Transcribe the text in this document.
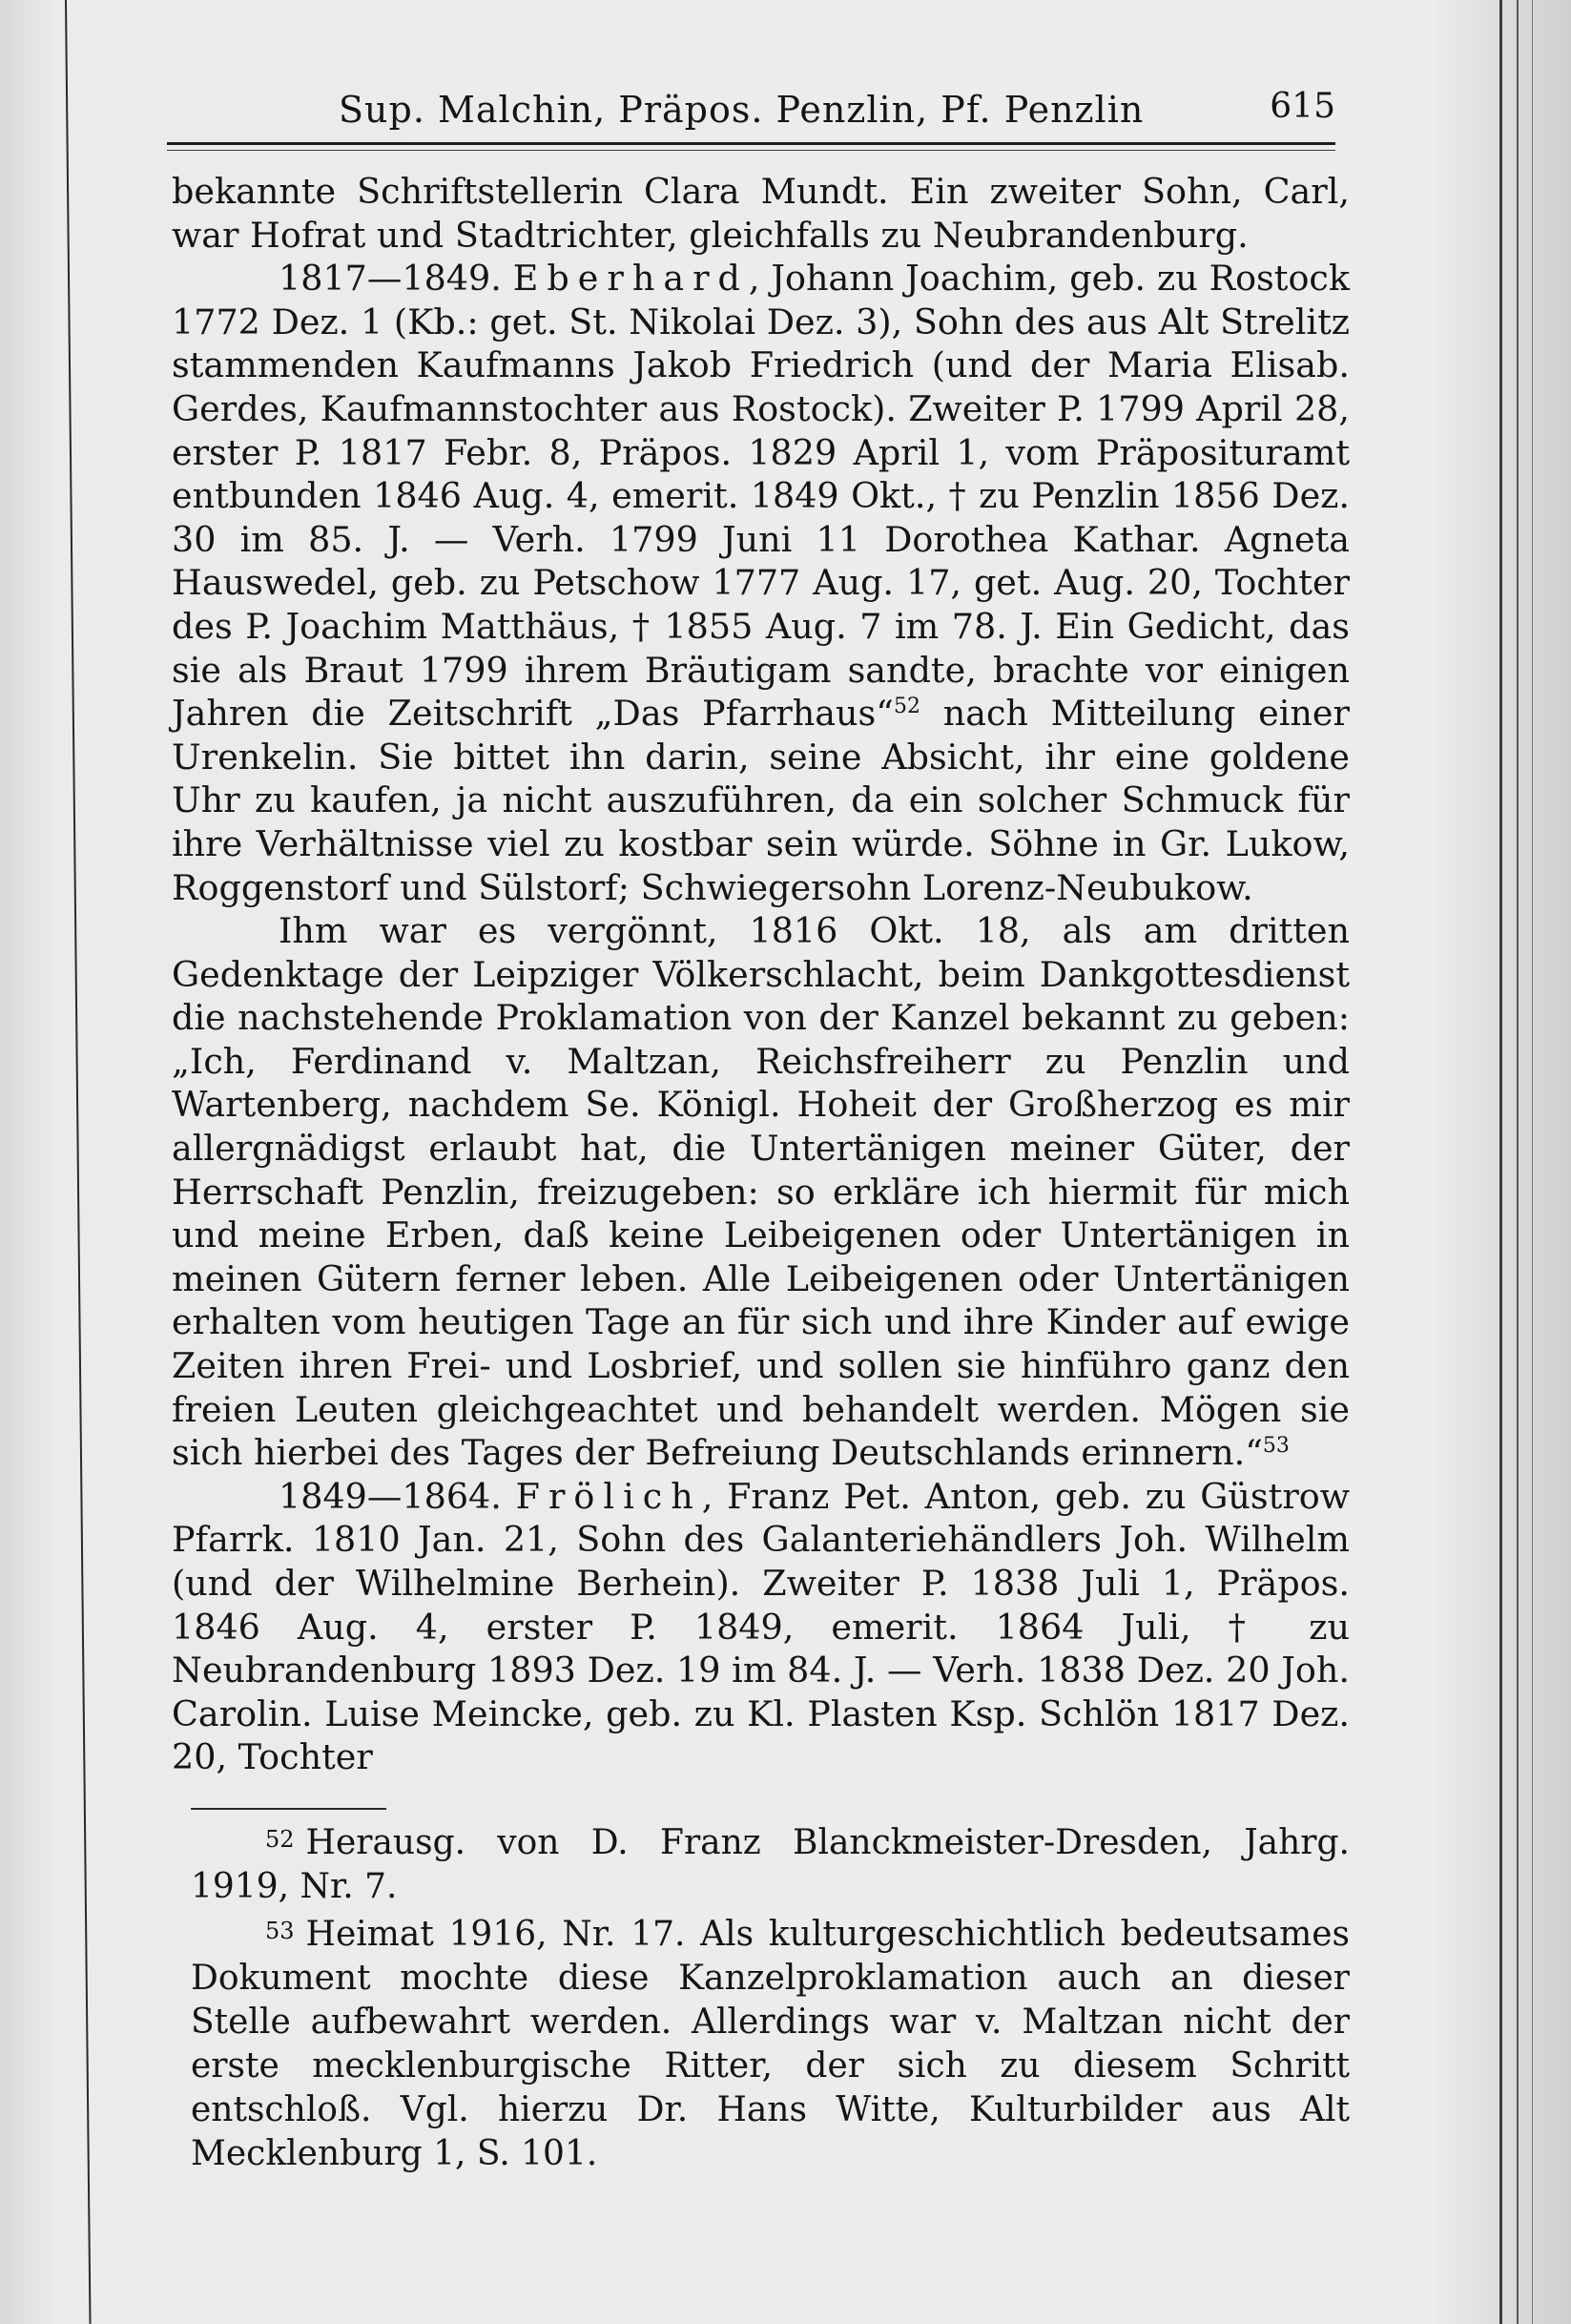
Sup. Malchin, Präpos. Penzlin, Pf. Penzlin	615

bekannte Schriftstellerin Clara Mundt. Ein zweiter Sohn, Carl, war Hofrat und Stadtrichter, gleichfalls zu Neubrandenburg.

1817—1849. Eberhard, Johann Joachim, geb. zu Rostock 1772 Dez. 1 (Kb.: get. St. Nikolai Dez. 3), Sohn des aus Alt Strelitz stammenden Kaufmanns Jakob Friedrich (und der Maria Elisab. Gerdes, Kaufmannstochter aus Rostock). Zweiter P. 1799 April 28, erster P. 1817 Febr. 8, Präpos. 1829 April 1, vom Präposituramt entbunden 1846 Aug. 4, emerit. 1849 Okt., † zu Penzlin 1856 Dez. 30 im 85. J. — Verh. 1799 Juni 11 Dorothea Kathar. Agneta Hauswedel, geb. zu Petschow 1777 Aug. 17, get. Aug. 20, Tochter des P. Joachim Matthäus, † 1855 Aug. 7 im 78. J. Ein Gedicht, das sie als Braut 1799 ihrem Bräutigam sandte, brachte vor einigen Jahren die Zeitschrift „Das Pfarrhaus“$^{52}$ nach Mitteilung einer Urenkelin. Sie bittet ihn darin, seine Absicht, ihr eine goldene Uhr zu kaufen, ja nicht auszuführen, da ein solcher Schmuck für ihre Verhältnisse viel zu kostbar sein würde. Söhne in Gr. Lukow, Roggenstorf und Sülstorf; Schwiegersohn Lorenz-Neubukow.

Ihm war es vergönnt, 1816 Okt. 18, als am dritten Gedenktage der Leipziger Völkerschlacht, beim Dankgottesdienst die nachstehende Proklamation von der Kanzel bekannt zu geben: „Ich, Ferdinand v. Maltzan, Reichsfreiherr zu Penzlin und Wartenberg, nachdem Se. Königl. Hoheit der Großherzog es mir allergnädigst erlaubt hat, die Untertänigen meiner Güter, der Herrschaft Penzlin, freizugeben: so erkläre ich hiermit für mich und meine Erben, daß keine Leibeigenen oder Untertänigen in meinen Gütern ferner leben. Alle Leibeigenen oder Untertänigen erhalten vom heutigen Tage an für sich und ihre Kinder auf ewige Zeiten ihren Frei- und Losbrief, und sollen sie hinführo ganz den freien Leuten gleichgeachtet und behandelt werden. Mögen sie sich hierbei des Tages der Befreiung Deutschlands erinnern.“$^{53}$

1849—1864. Frölich, Franz Pet. Anton, geb. zu Güstrow Pfarrk. 1810 Jan. 21, Sohn des Galanteriehändlers Joh. Wilhelm (und der Wilhelmine Berhein). Zweiter P. 1838 Juli 1, Präpos. 1846 Aug. 4, erster P. 1849, emerit. 1864 Juli, † zu Neubrandenburg 1893 Dez. 19 im 84. J. — Verh. 1838 Dez. 20 Joh. Carolin. Luise Meincke, geb. zu Kl. Plasten Ksp. Schlön 1817 Dez. 20, Tochter

52 Herausg. von D. Franz Blanckmeister-Dresden, Jahrg. 1919, Nr. 7.

53 Heimat 1916, Nr. 17. Als kulturgeschichtlich bedeutsames Dokument mochte diese Kanzelproklamation auch an dieser Stelle aufbewahrt werden. Allerdings war v. Maltzan nicht der erste mecklenburgische Ritter, der sich zu diesem Schritt entschloß. Vgl. hierzu Dr. Hans Witte, Kulturbilder aus Alt Mecklenburg 1, S. 101.
